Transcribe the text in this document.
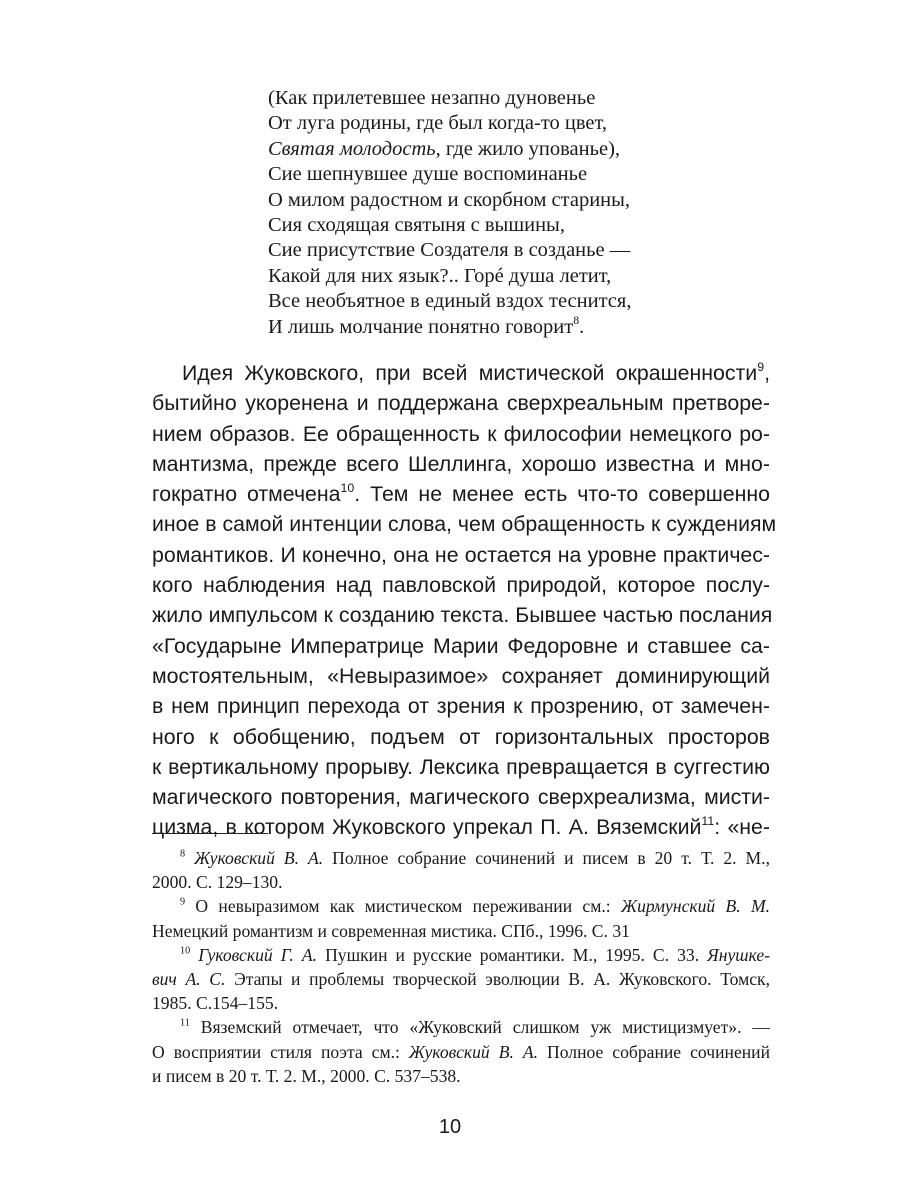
(Как прилетевшее незапно дуновенье
От луга родины, где был когда-то цвет,
Святая молодость, где жило упованье),
Сие шепнувшее душе воспоминанье
О милом радостном и скорбном старины,
Сия сходящая святыня с вышины,
Сие присутствие Создателя в созданье —
Какой для них язык?.. Горé душа летит,
Все необъятное в единый вздох теснится,
И лишь молчание понятно говорит$^8$.
Идея Жуковского, при всей мистической окрашенности$^9$,
бытийно укоренена и поддержана сверхреальным претворе-
нием образов. Ее обращенность к философии немецкого ро-
мантизма, прежде всего Шеллинга, хорошо известна и мно-
гократно отмечена$^{10}$. Тем не менее есть что-то совершенно
иное в самой интенции слова, чем обращенность к суждениям
романтиков. И конечно, она не остается на уровне практичес-
кого наблюдения над павловской природой, которое послу-
жило импульсом к созданию текста. Бывшее частью послания
«Государыне Императрице Марии Федоровне и ставшее са-
мостоятельным, «Невыразимое» сохраняет доминирующий
в нем принцип перехода от зрения к прозрению, от замечен-
ного к обобщению, подъем от горизонтальных просторов
к вертикальному прорыву. Лексика превращается в суггестию
магического повторения, магического сверхреализма, мисти-
цизма, в котором Жуковского упрекал П. А. Вяземский$^{11}$: «не-
$^8$ Жуковский В. А. Полное собрание сочинений и писем в 20 т. Т. 2. М.,
2000. С. 129–130.
$^9$ О невыразимом как мистическом переживании см.: Жирмунский В. М.
Немецкий романтизм и современная мистика. СПб., 1996. С. 31
$^{10}$ Гуковский Г. А. Пушкин и русские романтики. М., 1995. С. 33. Янушке-
вич А. С. Этапы и проблемы творческой эволюции В. А. Жуковского. Томск,
1985. С.154–155.
$^{11}$ Вяземский отмечает, что «Жуковский слишком уж мистицизмует». —
О восприятии стиля поэта см.: Жуковский В. А. Полное собрание сочинений
и писем в 20 т. Т. 2. М., 2000. С. 537–538.
10
